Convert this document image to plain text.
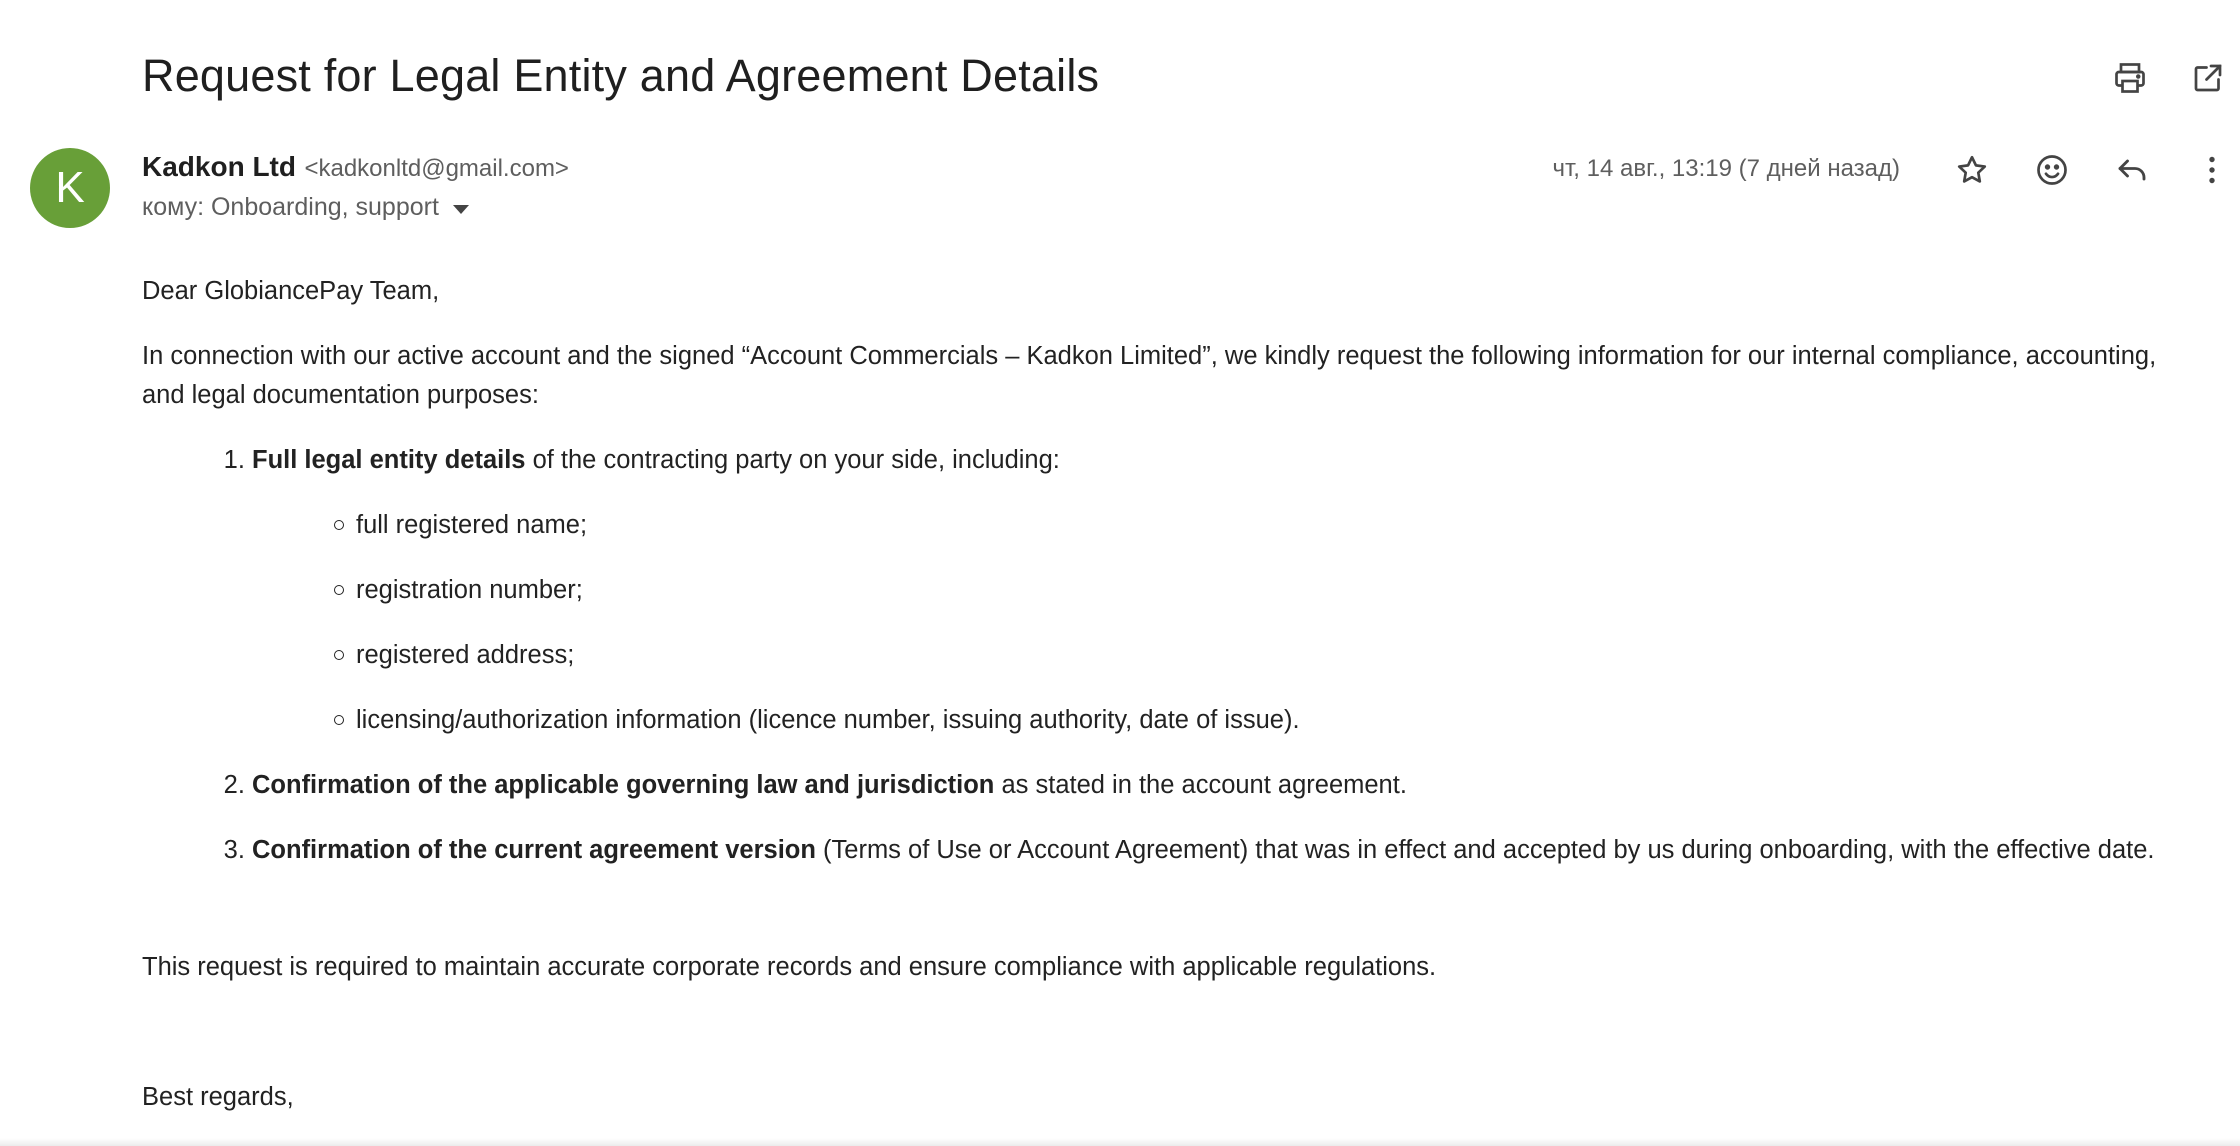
Request for Legal Entity and Agreement Details
K	Kadkon Ltd <kadkonltd@gmail.com>
кому: Onboarding, support
чт, 14 авг., 13:19 (7 дней назад)

Dear GlobiancePay Team,

In connection with our active account and the signed “Account Commercials – Kadkon Limited”, we kindly request the following information for our internal compliance, accounting, and legal documentation purposes:

1. Full legal entity details of the contracting party on your side, including:
full registered name;
registration number;
registered address;
licensing/authorization information (licence number, issuing authority, date of issue).
2. Confirmation of the applicable governing law and jurisdiction as stated in the account agreement.
3. Confirmation of the current agreement version (Terms of Use or Account Agreement) that was in effect and accepted by us during onboarding, with the effective date.

This request is required to maintain accurate corporate records and ensure compliance with applicable regulations.

Best regards,
